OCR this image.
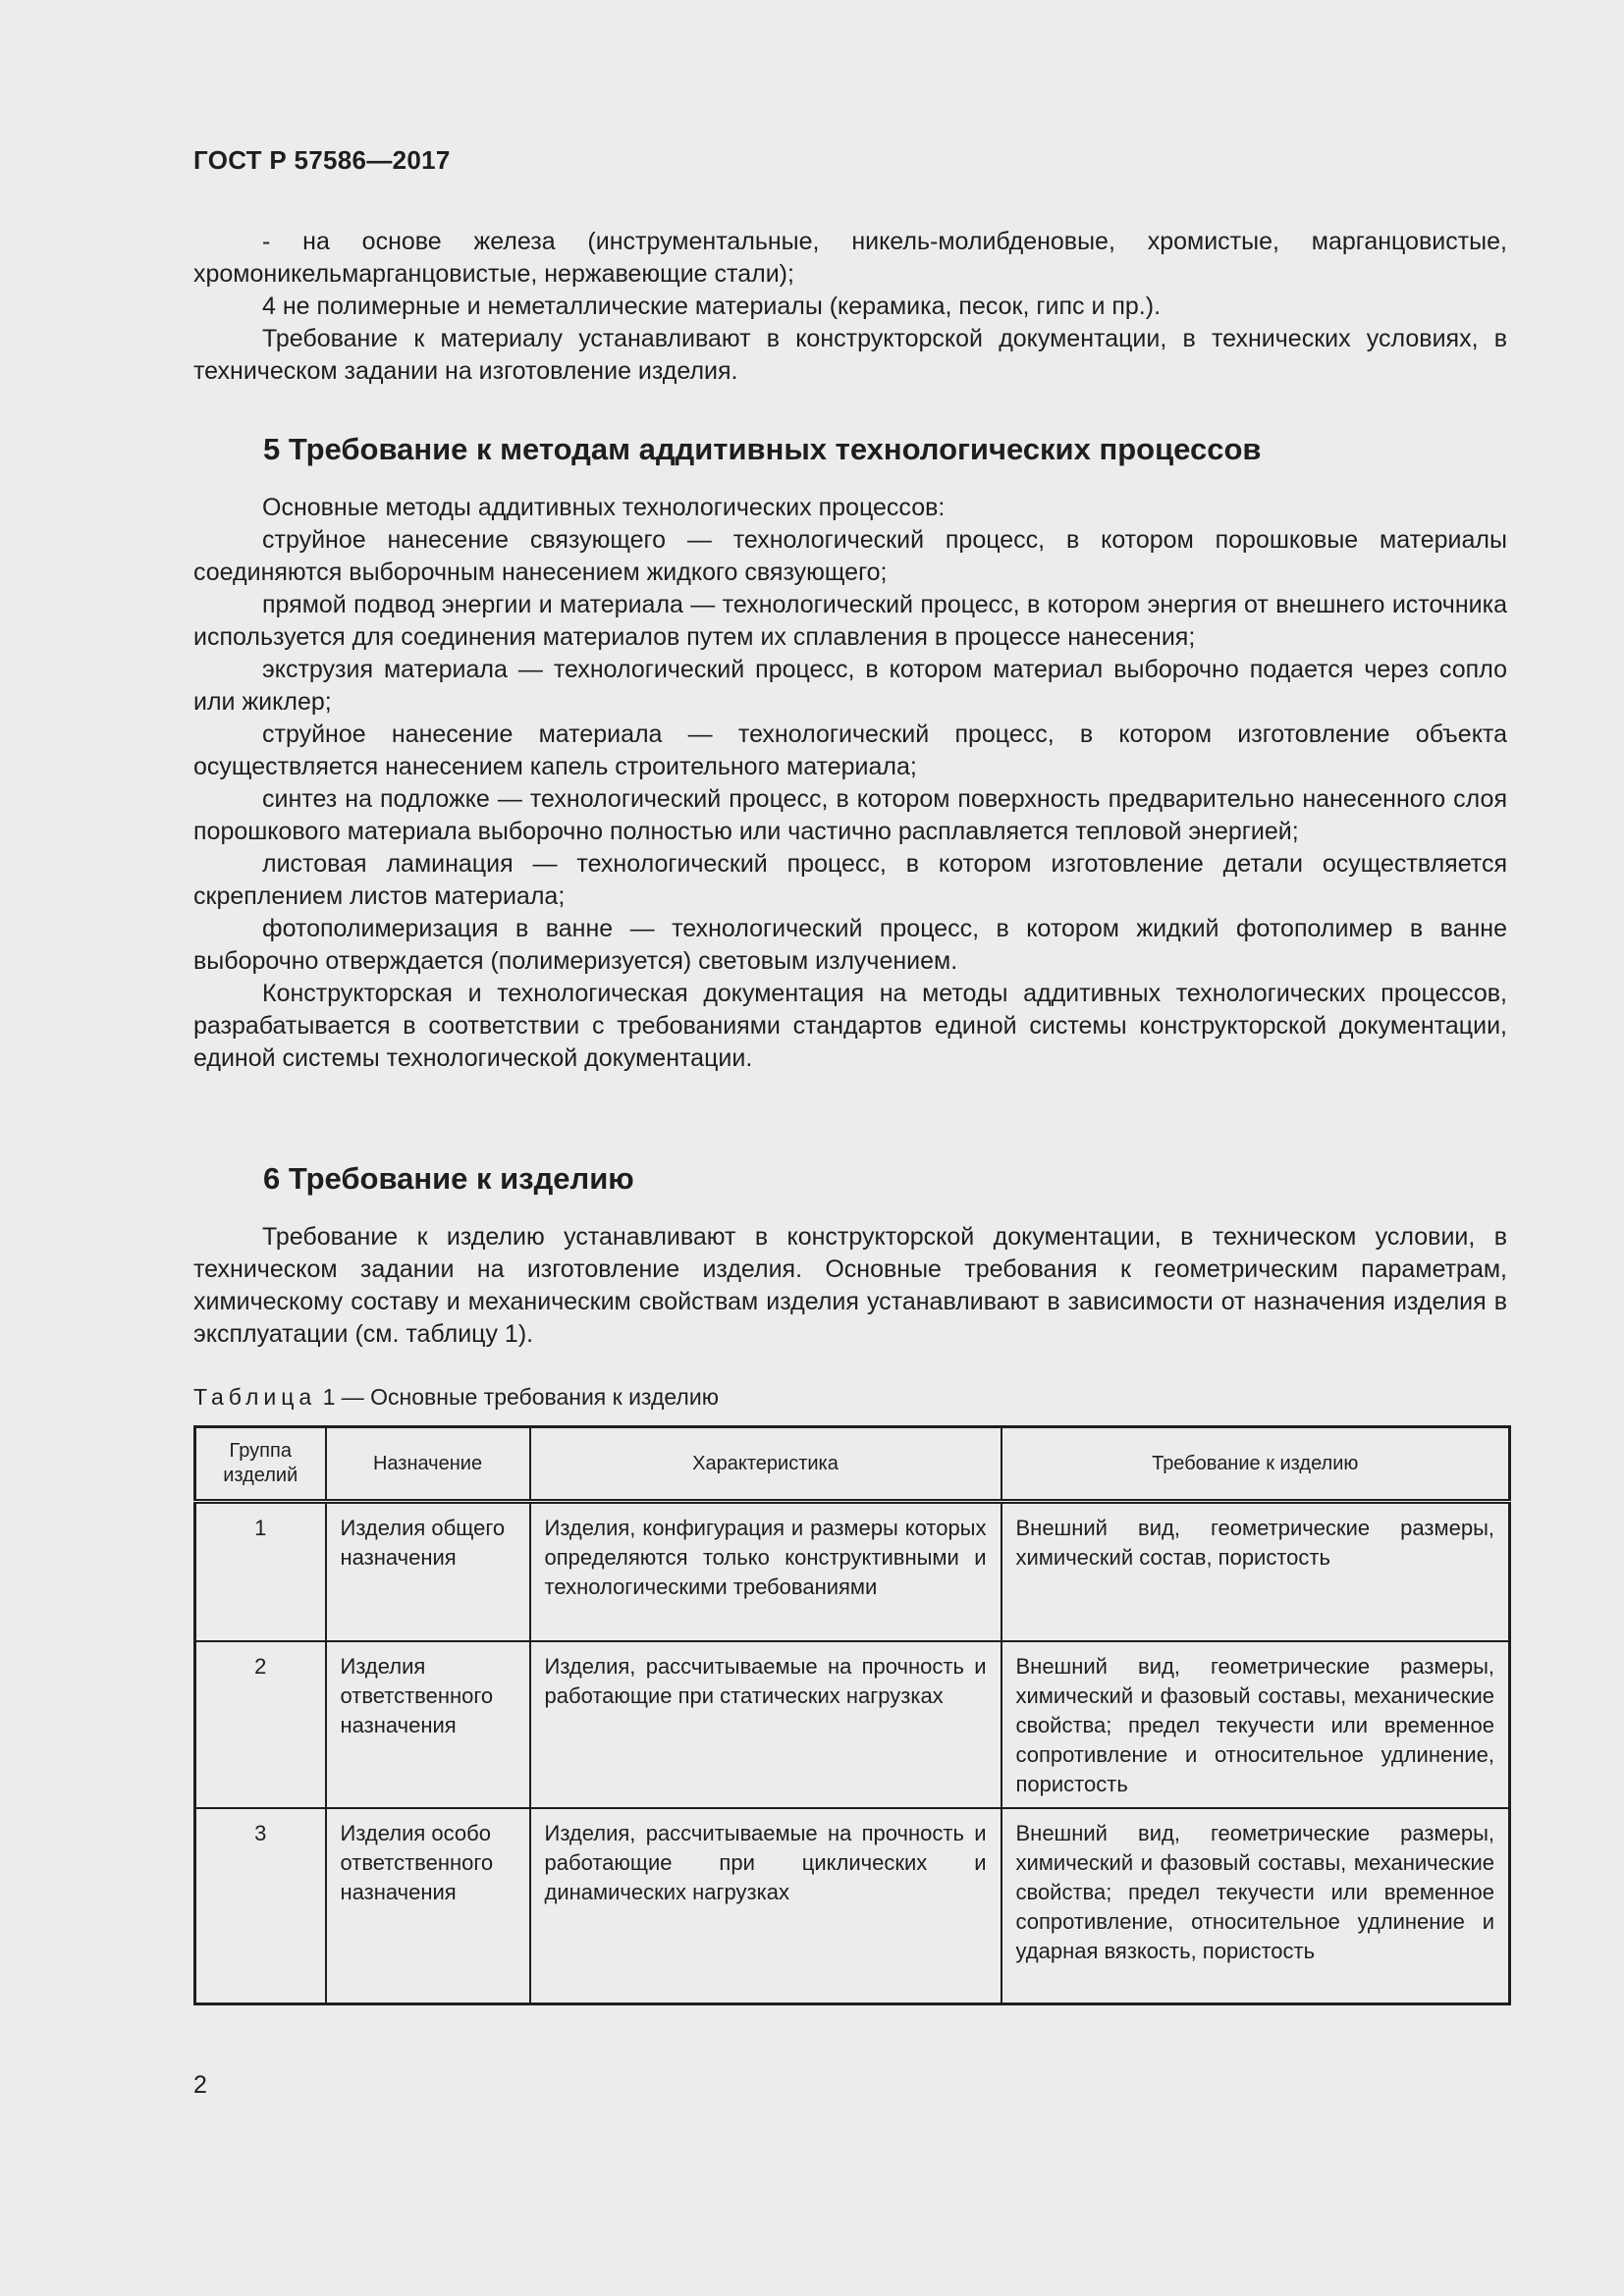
ГОСТ Р 57586—2017

- на основе железа (инструментальные, никель-молибденовые, хромистые, марганцовистые, хромоникельмарганцовистые, нержавеющие стали);

4 не полимерные и неметаллические материалы (керамика, песок, гипс и пр.).

Требование к материалу устанавливают в конструкторской документации, в технических условиях, в техническом задании на изготовление изделия.

5 Требование к методам аддитивных технологических процессов

Основные методы аддитивных технологических процессов:

струйное нанесение связующего — технологический процесс, в котором порошковые материалы соединяются выборочным нанесением жидкого связующего;

прямой подвод энергии и материала — технологический процесс, в котором энергия от внешнего источника используется для соединения материалов путем их сплавления в процессе нанесения;

экструзия материала — технологический процесс, в котором материал выборочно подается через сопло или жиклер;

струйное нанесение материала — технологический процесс, в котором изготовление объекта осуществляется нанесением капель строительного материала;

синтез на подложке — технологический процесс, в котором поверхность предварительно нанесенного слоя порошкового материала выборочно полностью или частично расплавляется тепловой энергией;

листовая ламинация — технологический процесс, в котором изготовление детали осуществляется скреплением листов материала;

фотополимеризация в ванне — технологический процесс, в котором жидкий фотополимер в ванне выборочно отверждается (полимеризуется) световым излучением.

Конструкторская и технологическая документация на методы аддитивных технологических процессов, разрабатывается в соответствии с требованиями стандартов единой системы конструкторской документации, единой системы технологической документации.

6 Требование к изделию

Требование к изделию устанавливают в конструкторской документации, в техническом условии, в техническом задании на изготовление изделия. Основные требования к геометрическим параметрам, химическому составу и механическим свойствам изделия устанавливают в зависимости от назначения изделия в эксплуатации (см. таблицу 1).

Таблица 1 — Основные требования к изделию
Группа изделий	Назначение	Характеристика	Требование к изделию
1	Изделия общего назначения	Изделия, конфигурация и размеры которых определяются только конструктивными и технологическими требованиями	Внешний вид, геометрические размеры, химический состав, пористость
2	Изделия ответственного назначения	Изделия, рассчитываемые на прочность и работающие при статических нагрузках	Внешний вид, геометрические размеры, химический и фазовый составы, механические свойства; предел текучести или временное сопротивление и относительное удлинение, пористость
3	Изделия особо ответственного назначения	Изделия, рассчитываемые на прочность и работающие при циклических и динамических нагрузках	Внешний вид, геометрические размеры, химический и фазовый составы, механические свойства; предел текучести или временное сопротивление, относительное удлинение и ударная вязкость, пористость
2
